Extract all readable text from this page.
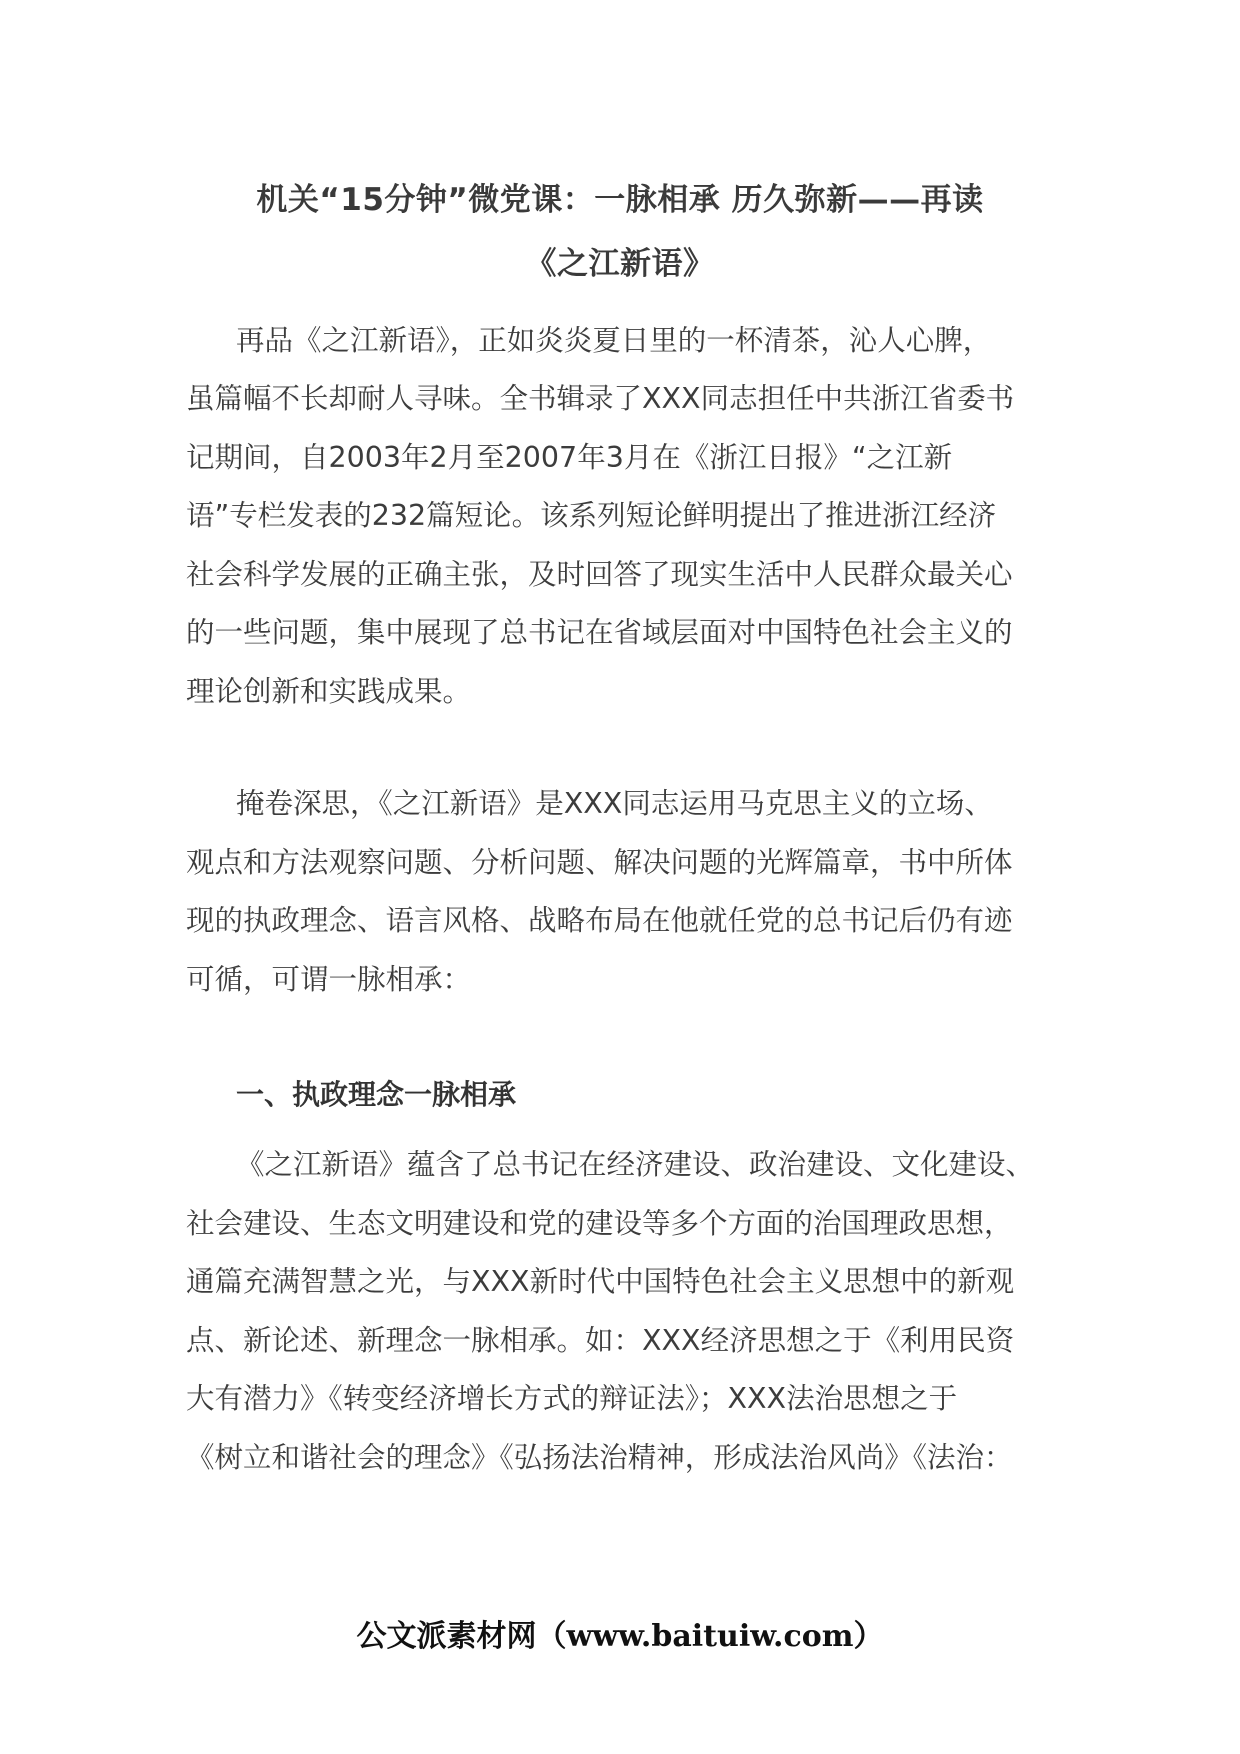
机关“15分钟”微党课：一脉相承 历久弥新——再读
《之江新语》
再品《之江新语》，正如炎炎夏日里的一杯清茶，沁人心脾，
虽篇幅不长却耐人寻味。全书辑录了XXX同志担任中共浙江省委书
记期间，自2003年2月至2007年3月在《浙江日报》“之江新
语”专栏发表的232篇短论。该系列短论鲜明提出了推进浙江经济
社会科学发展的正确主张，及时回答了现实生活中人民群众最关心
的一些问题，集中展现了总书记在省域层面对中国特色社会主义的
理论创新和实践成果。
掩卷深思，《之江新语》是XXX同志运用马克思主义的立场、
观点和方法观察问题、分析问题、解决问题的光辉篇章，书中所体
现的执政理念、语言风格、战略布局在他就任党的总书记后仍有迹
可循，可谓一脉相承：
一、执政理念一脉相承
《之江新语》蕴含了总书记在经济建设、政治建设、文化建设、
社会建设、生态文明建设和党的建设等多个方面的治国理政思想，
通篇充满智慧之光，与XXX新时代中国特色社会主义思想中的新观
点、新论述、新理念一脉相承。如：XXX经济思想之于《利用民资
大有潜力》《转变经济增长方式的辩证法》；XXX法治思想之于
《树立和谐社会的理念》《弘扬法治精神，形成法治风尚》《法治：
公文派素材网（www.baituiw.com）
